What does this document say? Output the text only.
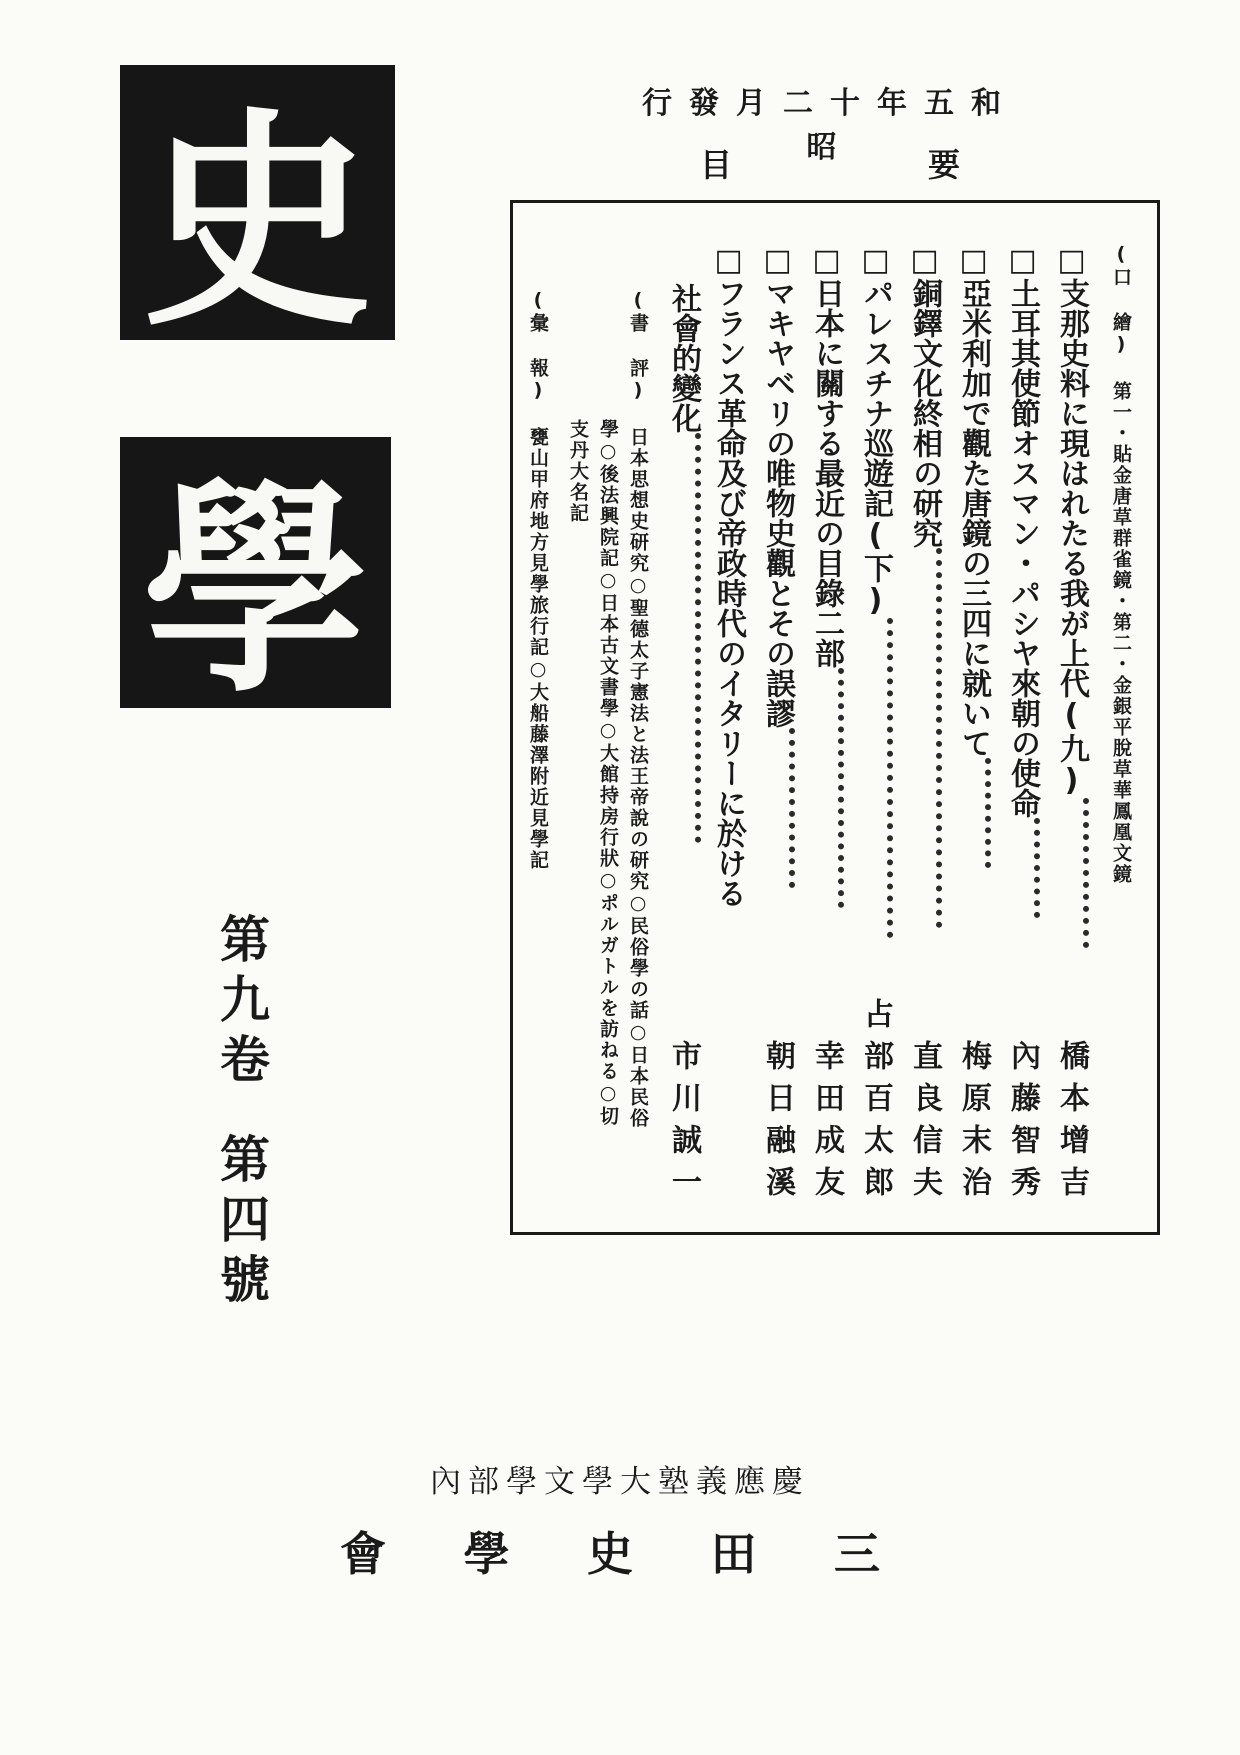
史
學
第
九
卷
第
四
號
行發月二十年五和昭
目	要
(口 繪) 第一・貼金唐草群雀鏡・第二・金銀平脫草華鳳凰文鏡
□支那史料に現はれたる我が上代(九)
橋本增吉
□土耳其使節オスマン・パシヤ來朝の使命
內藤智秀
□亞米利加で觀た唐鏡の三四に就いて
梅原末治
□銅鐸文化終相の研究
直良信夫
□パレスチナ巡遊記(下)
占部百太郎
□日本に關する最近の目錄二部
幸田成友
□マキヤベリの唯物史觀とその誤謬
朝日融溪
□フランス革命及び帝政時代のイタリーに於ける
社會的變化
市川誠一
(書 評) 日本思想史研究○聖德太子憲法と法王帝說の研究○民俗學の話○日本民俗
學○後法興院記○日本古文書學○大館持房行狀○ポルガトルを訪ねる○切
支丹大名記
(彙 報) 甕山甲府地方見學旅行記○大船藤澤附近見學記
內部學文學大塾義應慶
會 學 史 田 三
